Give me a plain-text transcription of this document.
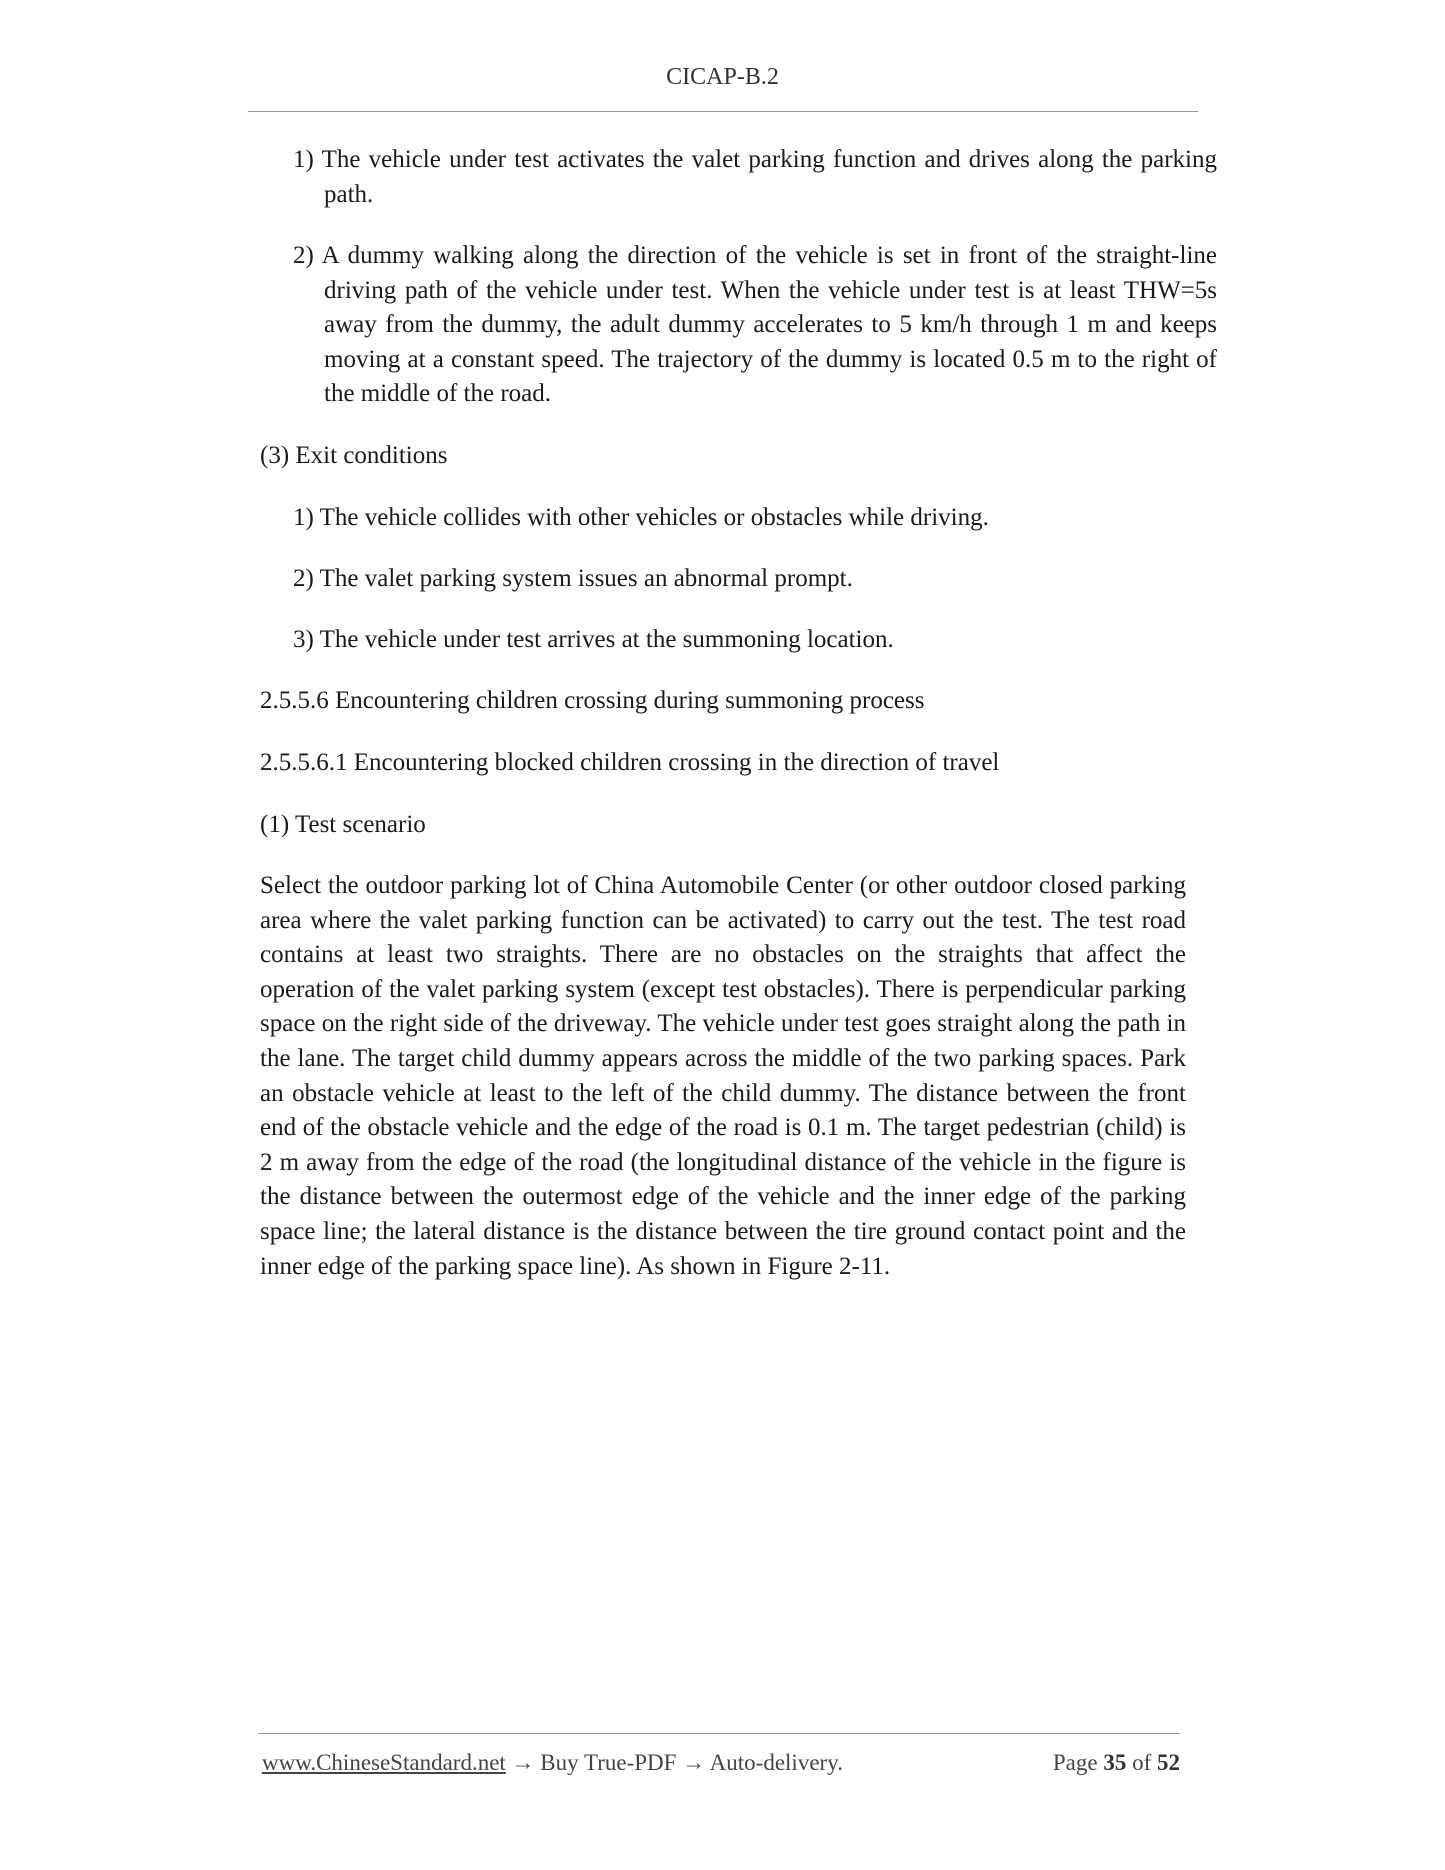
CICAP-B.2

1) The vehicle under test activates the valet parking function and drives along the parking path.

2) A dummy walking along the direction of the vehicle is set in front of the straight-line driving path of the vehicle under test. When the vehicle under test is at least THW=5s away from the dummy, the adult dummy accelerates to 5 km/h through 1 m and keeps moving at a constant speed. The trajectory of the dummy is located 0.5 m to the right of the middle of the road.

(3) Exit conditions

1) The vehicle collides with other vehicles or obstacles while driving.

2) The valet parking system issues an abnormal prompt.

3) The vehicle under test arrives at the summoning location.

2.5.5.6 Encountering children crossing during summoning process

2.5.5.6.1 Encountering blocked children crossing in the direction of travel

(1) Test scenario

Select the outdoor parking lot of China Automobile Center (or other outdoor closed parking area where the valet parking function can be activated) to carry out the test. The test road contains at least two straights. There are no obstacles on the straights that affect the operation of the valet parking system (except test obstacles). There is perpendicular parking space on the right side of the driveway. The vehicle under test goes straight along the path in the lane. The target child dummy appears across the middle of the two parking spaces. Park an obstacle vehicle at least to the left of the child dummy. The distance between the front end of the obstacle vehicle and the edge of the road is 0.1 m. The target pedestrian (child) is 2 m away from the edge of the road (the longitudinal distance of the vehicle in the figure is the distance between the outermost edge of the vehicle and the inner edge of the parking space line; the lateral distance is the distance between the tire ground contact point and the inner edge of the parking space line). As shown in Figure 2-11.

www.ChineseStandard.net → Buy True-PDF → Auto-delivery.	Page 35 of 52
